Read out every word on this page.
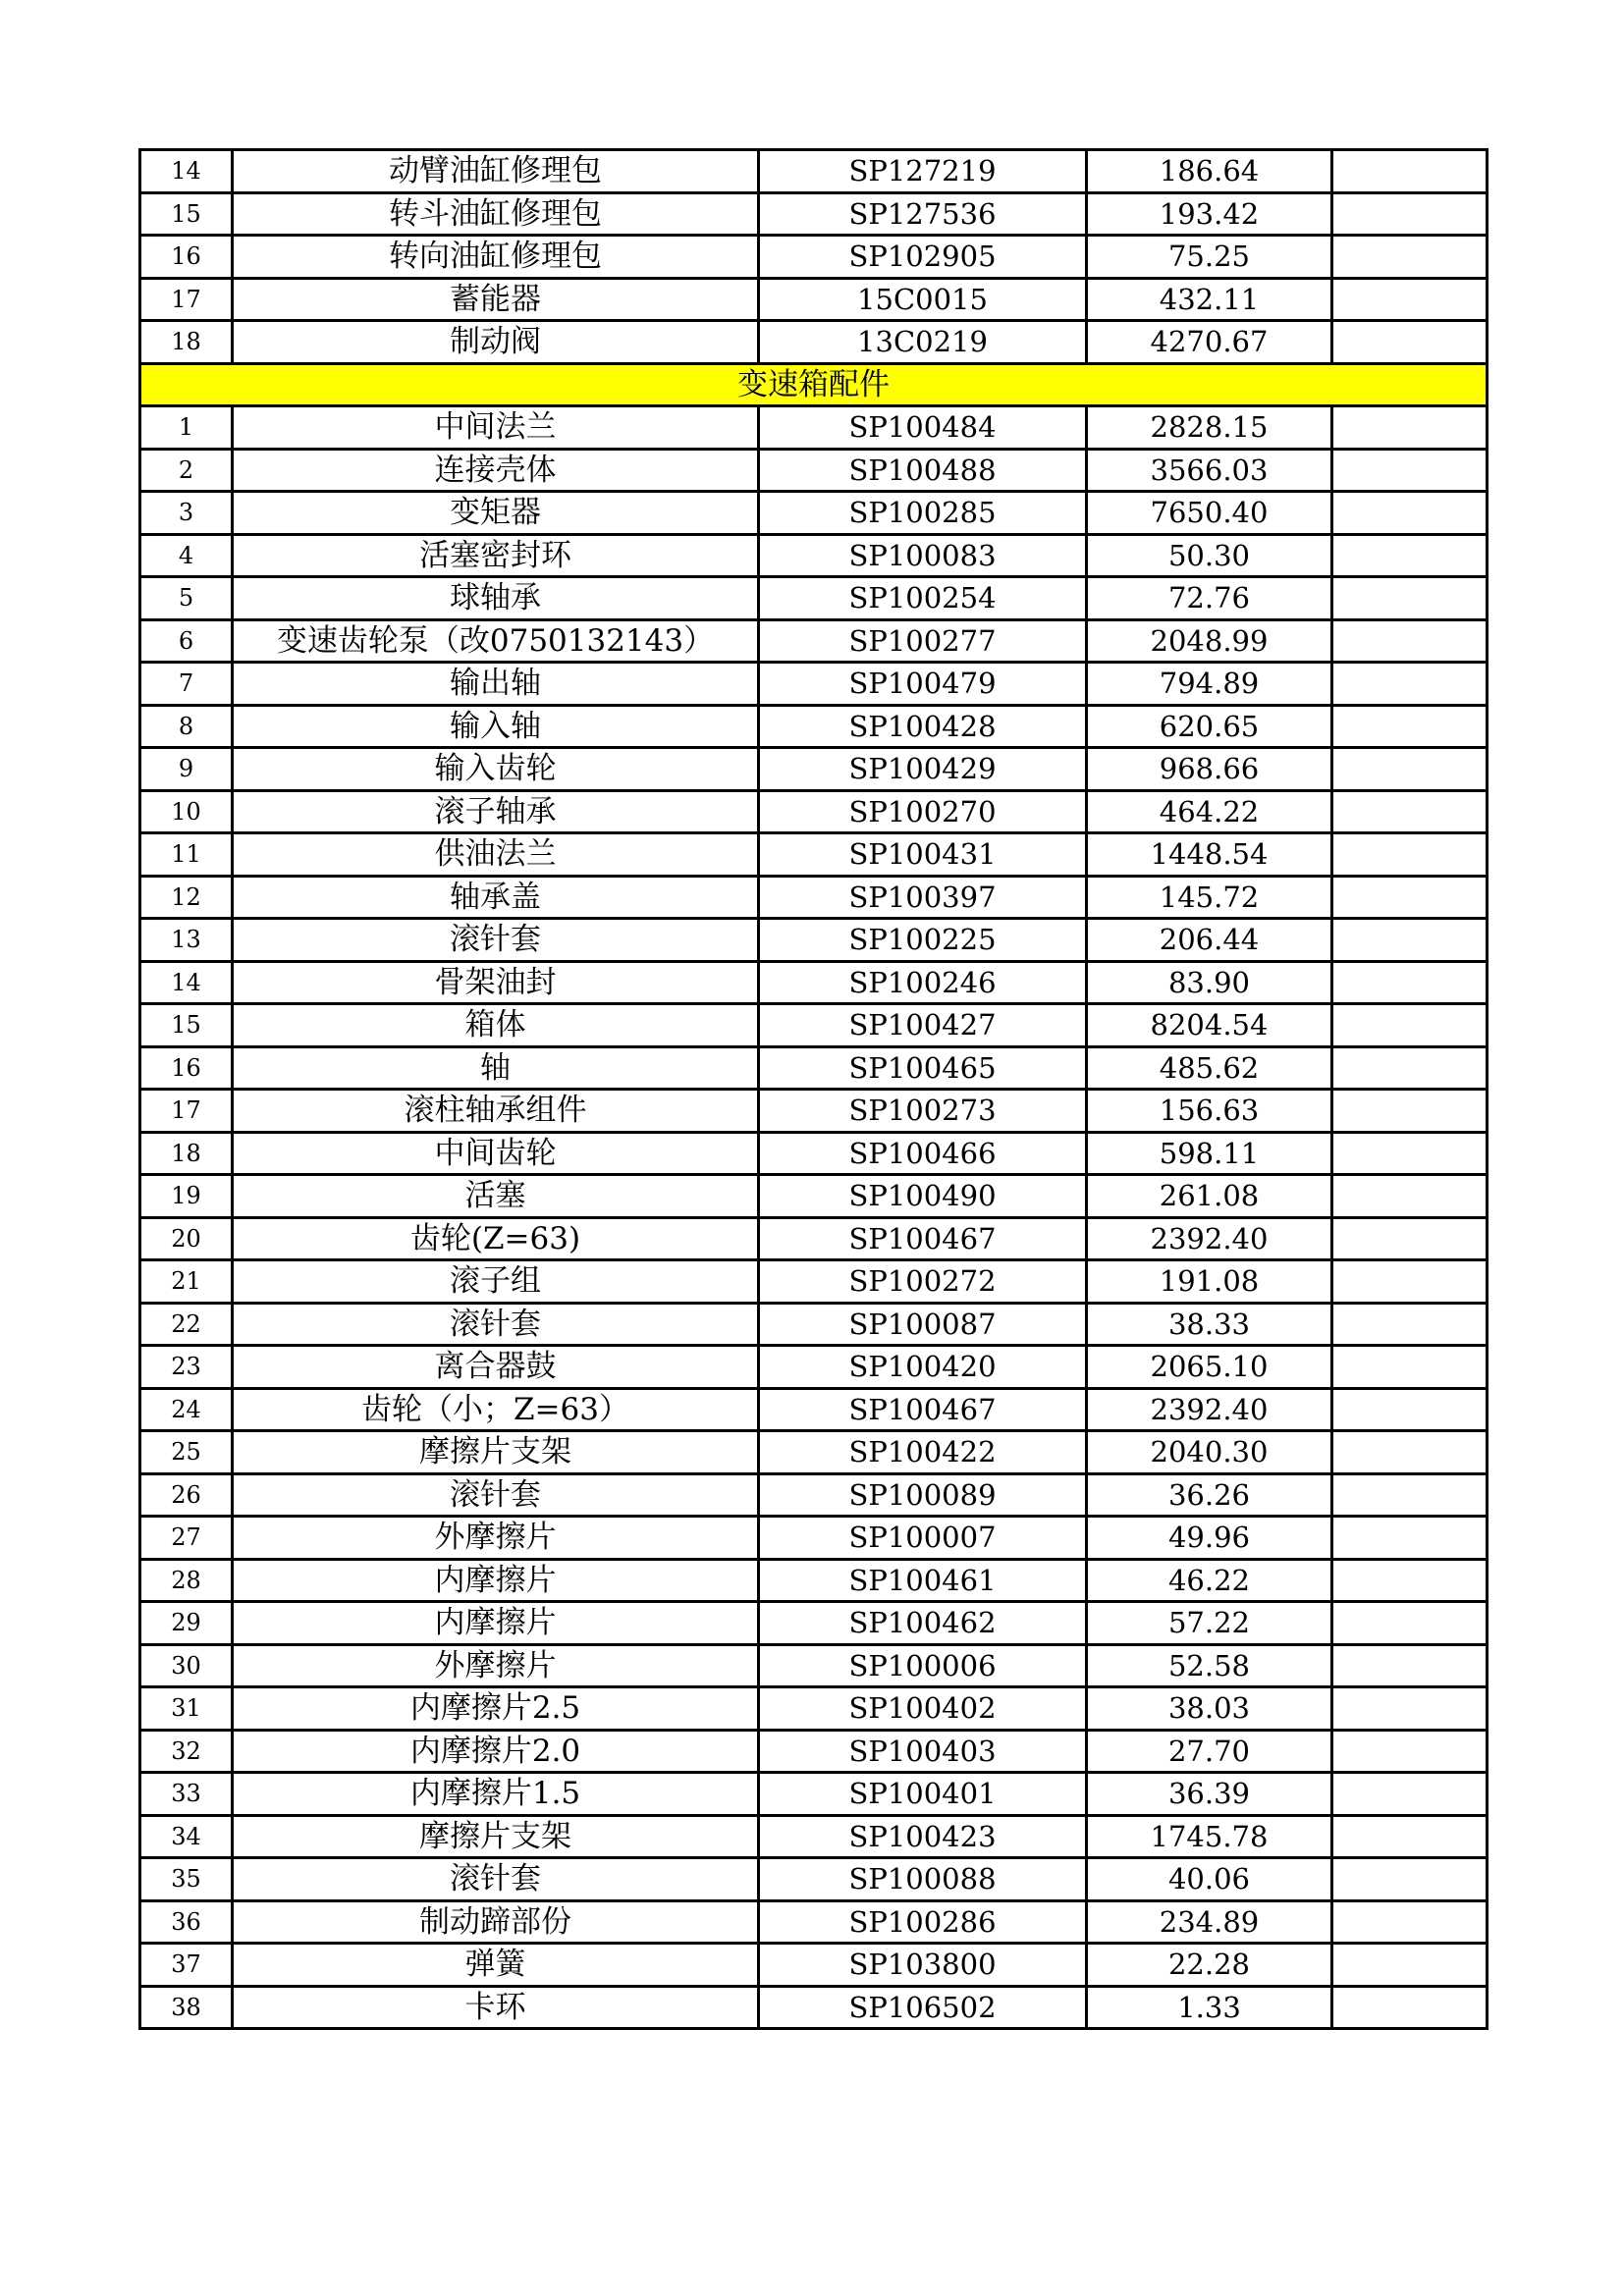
14	动臂油缸修理包	SP127219	186.64	
15	转斗油缸修理包	SP127536	193.42	
16	转向油缸修理包	SP102905	75.25	
17	蓄能器	15C0015	432.11	
18	制动阀	13C0219	4270.67	
变速箱配件				
1	中间法兰	SP100484	2828.15	
2	连接壳体	SP100488	3566.03	
3	变矩器	SP100285	7650.40	
4	活塞密封环	SP100083	50.30	
5	球轴承	SP100254	72.76	
6	变速齿轮泵（改0750132143）	SP100277	2048.99	
7	输出轴	SP100479	794.89	
8	输入轴	SP100428	620.65	
9	输入齿轮	SP100429	968.66	
10	滚子轴承	SP100270	464.22	
11	供油法兰	SP100431	1448.54	
12	轴承盖	SP100397	145.72	
13	滚针套	SP100225	206.44	
14	骨架油封	SP100246	83.90	
15	箱体	SP100427	8204.54	
16	轴	SP100465	485.62	
17	滚柱轴承组件	SP100273	156.63	
18	中间齿轮	SP100466	598.11	
19	活塞	SP100490	261.08	
20	齿轮(Z=63)	SP100467	2392.40	
21	滚子组	SP100272	191.08	
22	滚针套	SP100087	38.33	
23	离合器鼓	SP100420	2065.10	
24	齿轮（小；Z=63）	SP100467	2392.40	
25	摩擦片支架	SP100422	2040.30	
26	滚针套	SP100089	36.26	
27	外摩擦片	SP100007	49.96	
28	内摩擦片	SP100461	46.22	
29	内摩擦片	SP100462	57.22	
30	外摩擦片	SP100006	52.58	
31	内摩擦片2.5	SP100402	38.03	
32	内摩擦片2.0	SP100403	27.70	
33	内摩擦片1.5	SP100401	36.39	
34	摩擦片支架	SP100423	1745.78	
35	滚针套	SP100088	40.06	
36	制动蹄部份	SP100286	234.89	
37	弹簧	SP103800	22.28	
38	卡环	SP106502	1.33	
